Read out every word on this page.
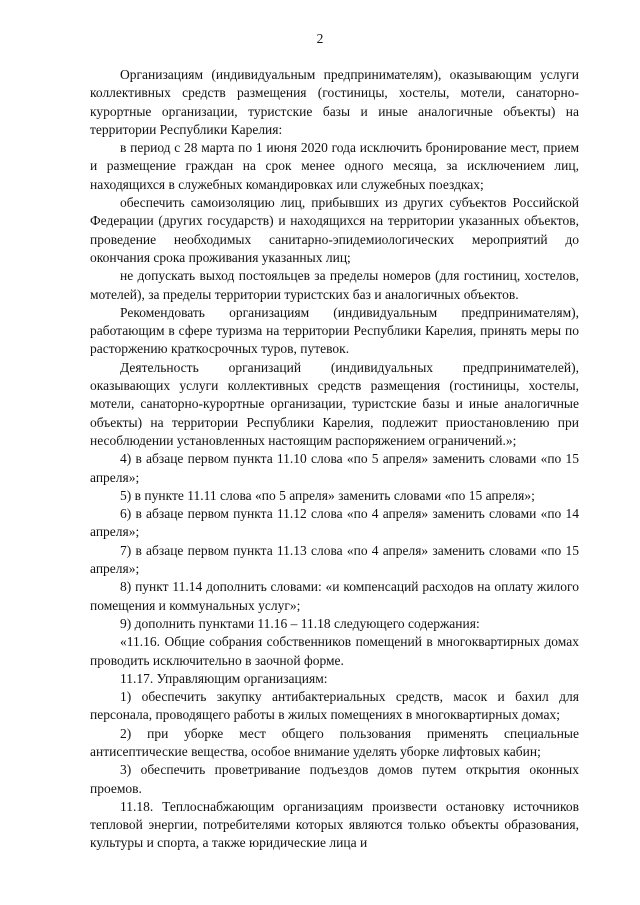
2

Организациям (индивидуальным предпринимателям), оказывающим услуги коллективных средств размещения (гостиницы, хостелы, мотели, санаторно-курортные организации, туристские базы и иные аналогичные объекты) на территории Республики Карелия:

в период с 28 марта по 1 июня 2020 года исключить бронирование мест, прием и размещение граждан на срок менее одного месяца, за исключением лиц, находящихся в служебных командировках или служебных поездках;

обеспечить самоизоляцию лиц, прибывших из других субъектов Российской Федерации (других государств) и находящихся на территории указанных объектов, проведение необходимых санитарно-эпидемиологических мероприятий до окончания срока проживания указанных лиц;

не допускать выход постояльцев за пределы номеров (для гостиниц, хостелов, мотелей), за пределы территории туристских баз и аналогичных объектов.

Рекомендовать организациям (индивидуальным предпринимателям), работающим в сфере туризма на территории Республики Карелия, принять меры по расторжению краткосрочных туров, путевок.

Деятельность организаций (индивидуальных предпринимателей), оказывающих услуги коллективных средств размещения (гостиницы, хостелы, мотели, санаторно-курортные организации, туристские базы и иные аналогичные объекты) на территории Республики Карелия, подлежит приостановлению при несоблюдении установленных настоящим распоряжением ограничений.»;

4) в абзаце первом пункта 11.10 слова «по 5 апреля» заменить словами «по 15 апреля»;

5) в пункте 11.11 слова «по 5 апреля» заменить словами «по 15 апреля»;

6) в абзаце первом пункта 11.12 слова «по 4 апреля» заменить словами «по 14 апреля»;

7) в абзаце первом пункта 11.13 слова «по 4 апреля» заменить словами «по 15 апреля»;

8) пункт 11.14 дополнить словами: «и компенсаций расходов на оплату жилого помещения и коммунальных услуг»;

9) дополнить пунктами 11.16 – 11.18 следующего содержания:

«11.16. Общие собрания собственников помещений в многоквартирных домах проводить исключительно в заочной форме.

11.17. Управляющим организациям:

1) обеспечить закупку антибактериальных средств, масок и бахил для персонала, проводящего работы в жилых помещениях в многоквартирных домах;

2) при уборке мест общего пользования применять специальные антисептические вещества, особое внимание уделять уборке лифтовых кабин;

3) обеспечить проветривание подъездов домов путем открытия оконных проемов.

11.18. Теплоснабжающим организациям произвести остановку источников тепловой энергии, потребителями которых являются только объекты образования, культуры и спорта, а также юридические лица и
